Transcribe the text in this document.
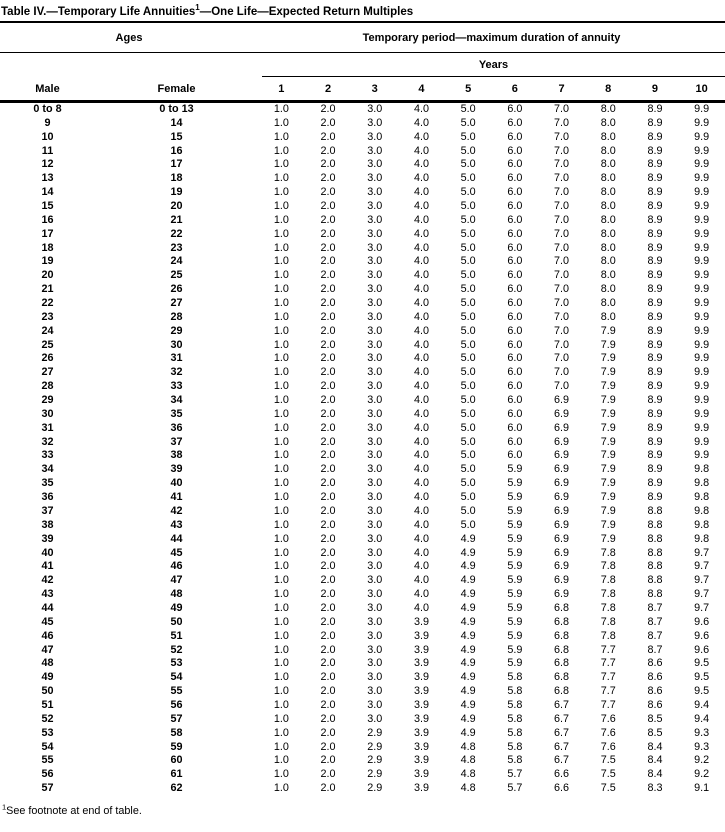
Table IV.—Temporary Life Annuities$^1$—One Life—Expected Return Multiples
Ages	Temporary period—maximum duration of annuity
Years
Male	Female	1	2	3	4	5	6	7	8	9	10
0 to 8	0 to 13	1.0	2.0	3.0	4.0	5.0	6.0	7.0	8.0	8.9	9.9
9	14	1.0	2.0	3.0	4.0	5.0	6.0	7.0	8.0	8.9	9.9
10	15	1.0	2.0	3.0	4.0	5.0	6.0	7.0	8.0	8.9	9.9
11	16	1.0	2.0	3.0	4.0	5.0	6.0	7.0	8.0	8.9	9.9
12	17	1.0	2.0	3.0	4.0	5.0	6.0	7.0	8.0	8.9	9.9
13	18	1.0	2.0	3.0	4.0	5.0	6.0	7.0	8.0	8.9	9.9
14	19	1.0	2.0	3.0	4.0	5.0	6.0	7.0	8.0	8.9	9.9
15	20	1.0	2.0	3.0	4.0	5.0	6.0	7.0	8.0	8.9	9.9
16	21	1.0	2.0	3.0	4.0	5.0	6.0	7.0	8.0	8.9	9.9
17	22	1.0	2.0	3.0	4.0	5.0	6.0	7.0	8.0	8.9	9.9
18	23	1.0	2.0	3.0	4.0	5.0	6.0	7.0	8.0	8.9	9.9
19	24	1.0	2.0	3.0	4.0	5.0	6.0	7.0	8.0	8.9	9.9
20	25	1.0	2.0	3.0	4.0	5.0	6.0	7.0	8.0	8.9	9.9
21	26	1.0	2.0	3.0	4.0	5.0	6.0	7.0	8.0	8.9	9.9
22	27	1.0	2.0	3.0	4.0	5.0	6.0	7.0	8.0	8.9	9.9
23	28	1.0	2.0	3.0	4.0	5.0	6.0	7.0	8.0	8.9	9.9
24	29	1.0	2.0	3.0	4.0	5.0	6.0	7.0	7.9	8.9	9.9
25	30	1.0	2.0	3.0	4.0	5.0	6.0	7.0	7.9	8.9	9.9
26	31	1.0	2.0	3.0	4.0	5.0	6.0	7.0	7.9	8.9	9.9
27	32	1.0	2.0	3.0	4.0	5.0	6.0	7.0	7.9	8.9	9.9
28	33	1.0	2.0	3.0	4.0	5.0	6.0	7.0	7.9	8.9	9.9
29	34	1.0	2.0	3.0	4.0	5.0	6.0	6.9	7.9	8.9	9.9
30	35	1.0	2.0	3.0	4.0	5.0	6.0	6.9	7.9	8.9	9.9
31	36	1.0	2.0	3.0	4.0	5.0	6.0	6.9	7.9	8.9	9.9
32	37	1.0	2.0	3.0	4.0	5.0	6.0	6.9	7.9	8.9	9.9
33	38	1.0	2.0	3.0	4.0	5.0	6.0	6.9	7.9	8.9	9.9
34	39	1.0	2.0	3.0	4.0	5.0	5.9	6.9	7.9	8.9	9.8
35	40	1.0	2.0	3.0	4.0	5.0	5.9	6.9	7.9	8.9	9.8
36	41	1.0	2.0	3.0	4.0	5.0	5.9	6.9	7.9	8.9	9.8
37	42	1.0	2.0	3.0	4.0	5.0	5.9	6.9	7.9	8.8	9.8
38	43	1.0	2.0	3.0	4.0	5.0	5.9	6.9	7.9	8.8	9.8
39	44	1.0	2.0	3.0	4.0	4.9	5.9	6.9	7.9	8.8	9.8
40	45	1.0	2.0	3.0	4.0	4.9	5.9	6.9	7.8	8.8	9.7
41	46	1.0	2.0	3.0	4.0	4.9	5.9	6.9	7.8	8.8	9.7
42	47	1.0	2.0	3.0	4.0	4.9	5.9	6.9	7.8	8.8	9.7
43	48	1.0	2.0	3.0	4.0	4.9	5.9	6.9	7.8	8.8	9.7
44	49	1.0	2.0	3.0	4.0	4.9	5.9	6.8	7.8	8.7	9.7
45	50	1.0	2.0	3.0	3.9	4.9	5.9	6.8	7.8	8.7	9.6
46	51	1.0	2.0	3.0	3.9	4.9	5.9	6.8	7.8	8.7	9.6
47	52	1.0	2.0	3.0	3.9	4.9	5.9	6.8	7.7	8.7	9.6
48	53	1.0	2.0	3.0	3.9	4.9	5.9	6.8	7.7	8.6	9.5
49	54	1.0	2.0	3.0	3.9	4.9	5.8	6.8	7.7	8.6	9.5
50	55	1.0	2.0	3.0	3.9	4.9	5.8	6.8	7.7	8.6	9.5
51	56	1.0	2.0	3.0	3.9	4.9	5.8	6.7	7.7	8.6	9.4
52	57	1.0	2.0	3.0	3.9	4.9	5.8	6.7	7.6	8.5	9.4
53	58	1.0	2.0	2.9	3.9	4.9	5.8	6.7	7.6	8.5	9.3
54	59	1.0	2.0	2.9	3.9	4.8	5.8	6.7	7.6	8.4	9.3
55	60	1.0	2.0	2.9	3.9	4.8	5.8	6.7	7.5	8.4	9.2
56	61	1.0	2.0	2.9	3.9	4.8	5.7	6.6	7.5	8.4	9.2
57	62	1.0	2.0	2.9	3.9	4.8	5.7	6.6	7.5	8.3	9.1
$^1$See footnote at end of table.
